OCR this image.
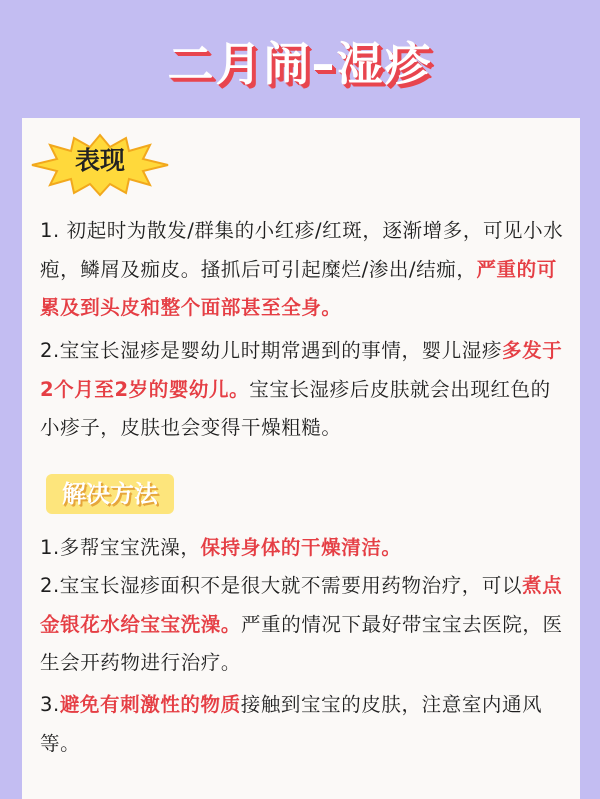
二月闹–湿疹
表现
1. 初起时为散发/群集的小红疹/红斑，逐渐增多，可见小水疱，鳞屑及痂皮。搔抓后可引起糜烂/渗出/结痂，严重的可累及到头皮和整个面部甚至全身。
2.宝宝长湿疹是婴幼儿时期常遇到的事情，婴儿湿疹多发于2个月至2岁的婴幼儿。宝宝长湿疹后皮肤就会出现红色的小疹子，皮肤也会变得干燥粗糙。
解决方法
1.多帮宝宝洗澡，保持身体的干燥清洁。
2.宝宝长湿疹面积不是很大就不需要用药物治疗，可以煮点金银花水给宝宝洗澡。严重的情况下最好带宝宝去医院，医生会开药物进行治疗。
3.避免有刺激性的物质接触到宝宝的皮肤，注意室内通风等。
